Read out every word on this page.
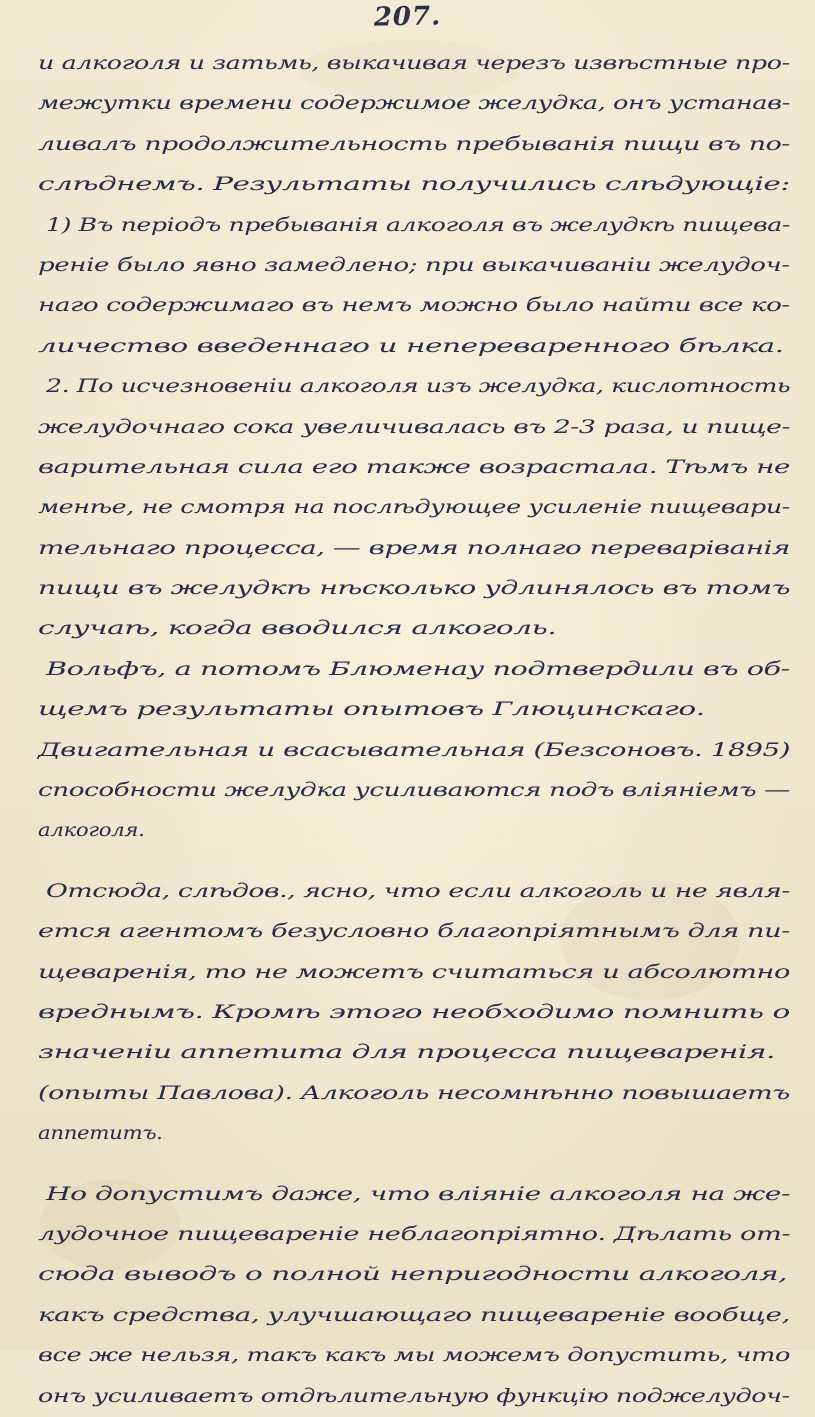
207.
и алкоголя и затьмь, выкачивая черезъ извѣстные про-
межутки времени содержимое желудка, онъ устанав-
ливалъ продолжительность пребыванія пищи въ по-
слѣднемъ. Результаты получились слѣдующіе:
1) Въ періодъ пребыванія алкоголя въ желудкѣ пищева-
реніе было явно замедлено; при выкачиваніи желудоч-
наго содержимаго въ немъ можно было найти все ко-
личество введеннаго и непереваренного бѣлка.
2. По исчезновеніи алкоголя изъ желудка, кислотность
желудочнаго сока увеличивалась въ 2-3 раза, и пище-
варительная сила его также возрастала. Тѣмъ не
менѣе, не смотря на послѣдующее усиленіе пищевари-
тельнаго процесса, — время полнаго переваріванія
пищи въ желудкѣ нѣсколько удлинялось въ томъ
случаѣ, когда вводился алкоголь.
Вольфъ, а потомъ Блюменау подтвердили въ об-
щемъ результаты опытовъ Глюцинскаго.
Двигательная и всасывательная (Безсоновъ. 1895)
способности желудка усиливаются подъ вліяніемъ —
алкоголя.
Отсюда, слѣдов., ясно, что если алкоголь и не явля-
ется агентомъ безусловно благопріятнымъ для пи-
щеваренія, то не можетъ считаться и абсолютно
вреднымъ. Кромѣ этого необходимо помнить о
значеніи аппетита для процесса пищеваренія.
(опыты Павлова). Алкоголь несомнѣнно повышаетъ
аппетитъ.
Но допустимъ даже, что вліяніе алкоголя на же-
лудочное пищевареніе неблагопріятно. Дѣлать от-
сюда выводъ о полной непригодности алкоголя,
какъ средства, улучшающаго пищевареніе вообще,
все же нельзя, такъ какъ мы можемъ допустить, что
онъ усиливаетъ отдѣлительную функцію поджелудоч-
